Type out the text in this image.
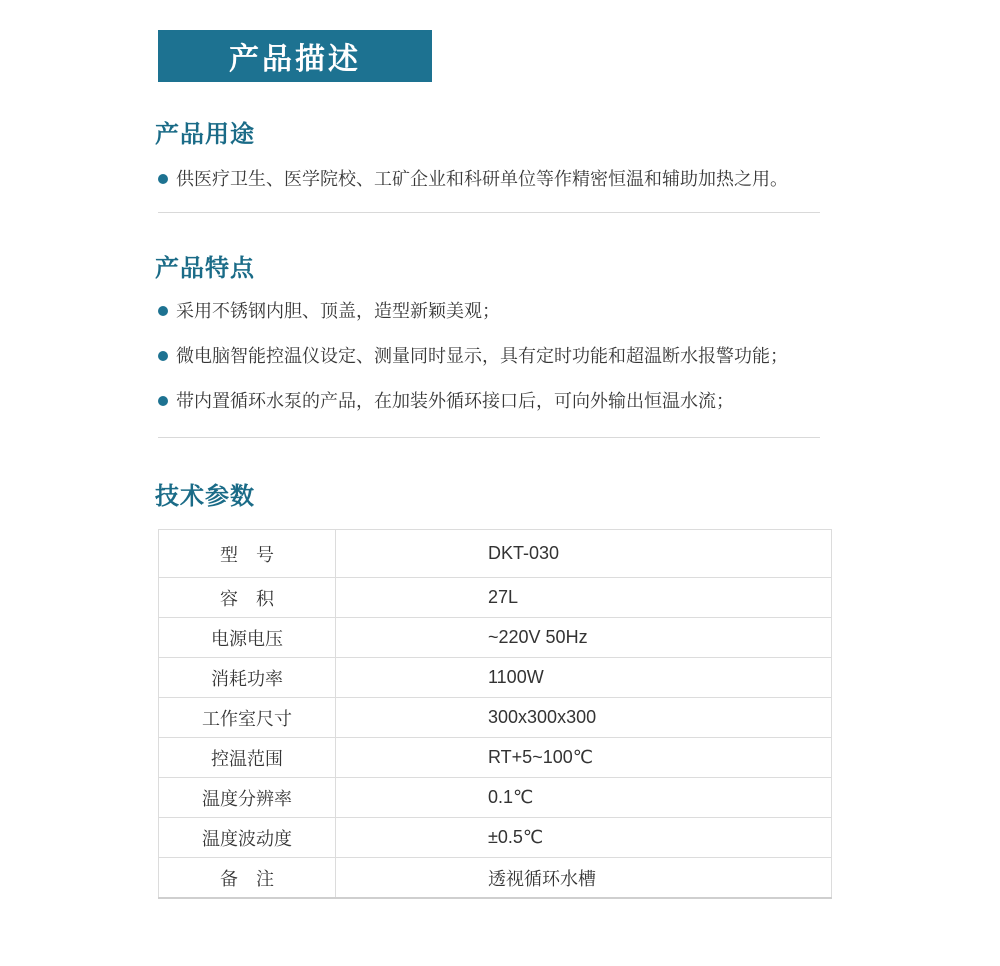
产品描述
产品用途
供医疗卫生、医学院校、工矿企业和科研单位等作精密恒温和辅助加热之用。
产品特点
采用不锈钢内胆、顶盖，造型新颖美观；
微电脑智能控温仪设定、测量同时显示，具有定时功能和超温断水报警功能；
带内置循环水泵的产品，在加装外循环接口后，可向外输出恒温水流；
技术参数
型　号	DKT-030
容　积	27L
电源电压	~220V 50Hz
消耗功率	1100W
工作室尺寸	300x300x300
控温范围	RT+5~100℃
温度分辨率	0.1℃
温度波动度	±0.5℃
备　注	透视循环水槽
